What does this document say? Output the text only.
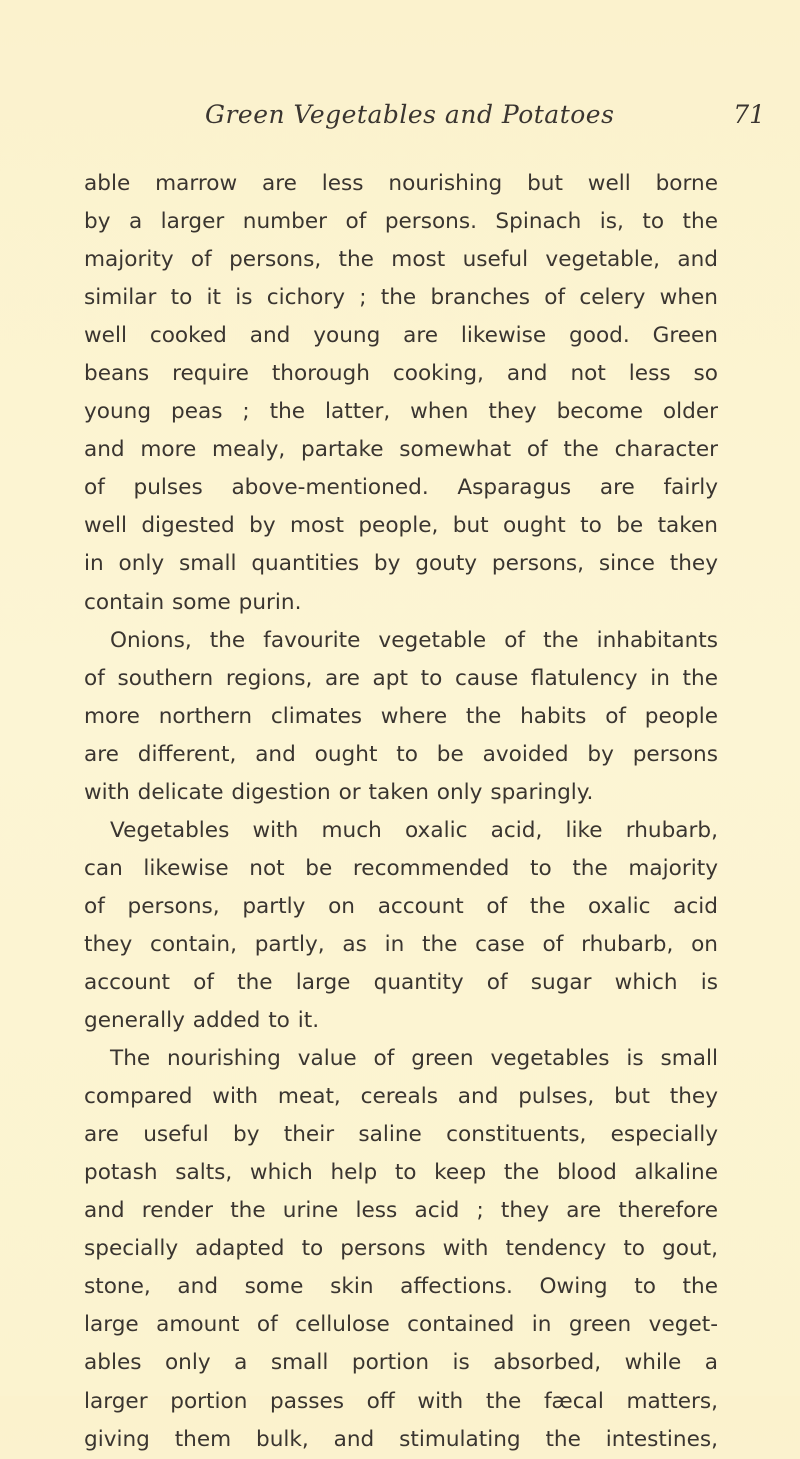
Green Vegetables and Potatoes	71
able marrow are less nourishing but well borne
by a larger number of persons. Spinach is, to the
majority of persons, the most useful vegetable, and
similar to it is cichory ; the branches of celery when
well cooked and young are likewise good. Green
beans require thorough cooking, and not less so
young peas ; the latter, when they become older
and more mealy, partake somewhat of the character
of pulses above-mentioned. Asparagus are fairly
well digested by most people, but ought to be taken
in only small quantities by gouty persons, since they
contain some purin.
Onions, the favourite vegetable of the inhabitants
of southern regions, are apt to cause flatulency in the
more northern climates where the habits of people
are different, and ought to be avoided by persons
with delicate digestion or taken only sparingly.
Vegetables with much oxalic acid, like rhubarb,
can likewise not be recommended to the majority
of persons, partly on account of the oxalic acid
they contain, partly, as in the case of rhubarb, on
account of the large quantity of sugar which is
generally added to it.
The nourishing value of green vegetables is small
compared with meat, cereals and pulses, but they
are useful by their saline constituents, especially
potash salts, which help to keep the blood alkaline
and render the urine less acid ; they are therefore
specially adapted to persons with tendency to gout,
stone, and some skin affections. Owing to the
large amount of cellulose contained in green veget-
ables only a small portion is absorbed, while a
larger portion passes off with the fæcal matters,
giving them bulk, and stimulating the intestines,
